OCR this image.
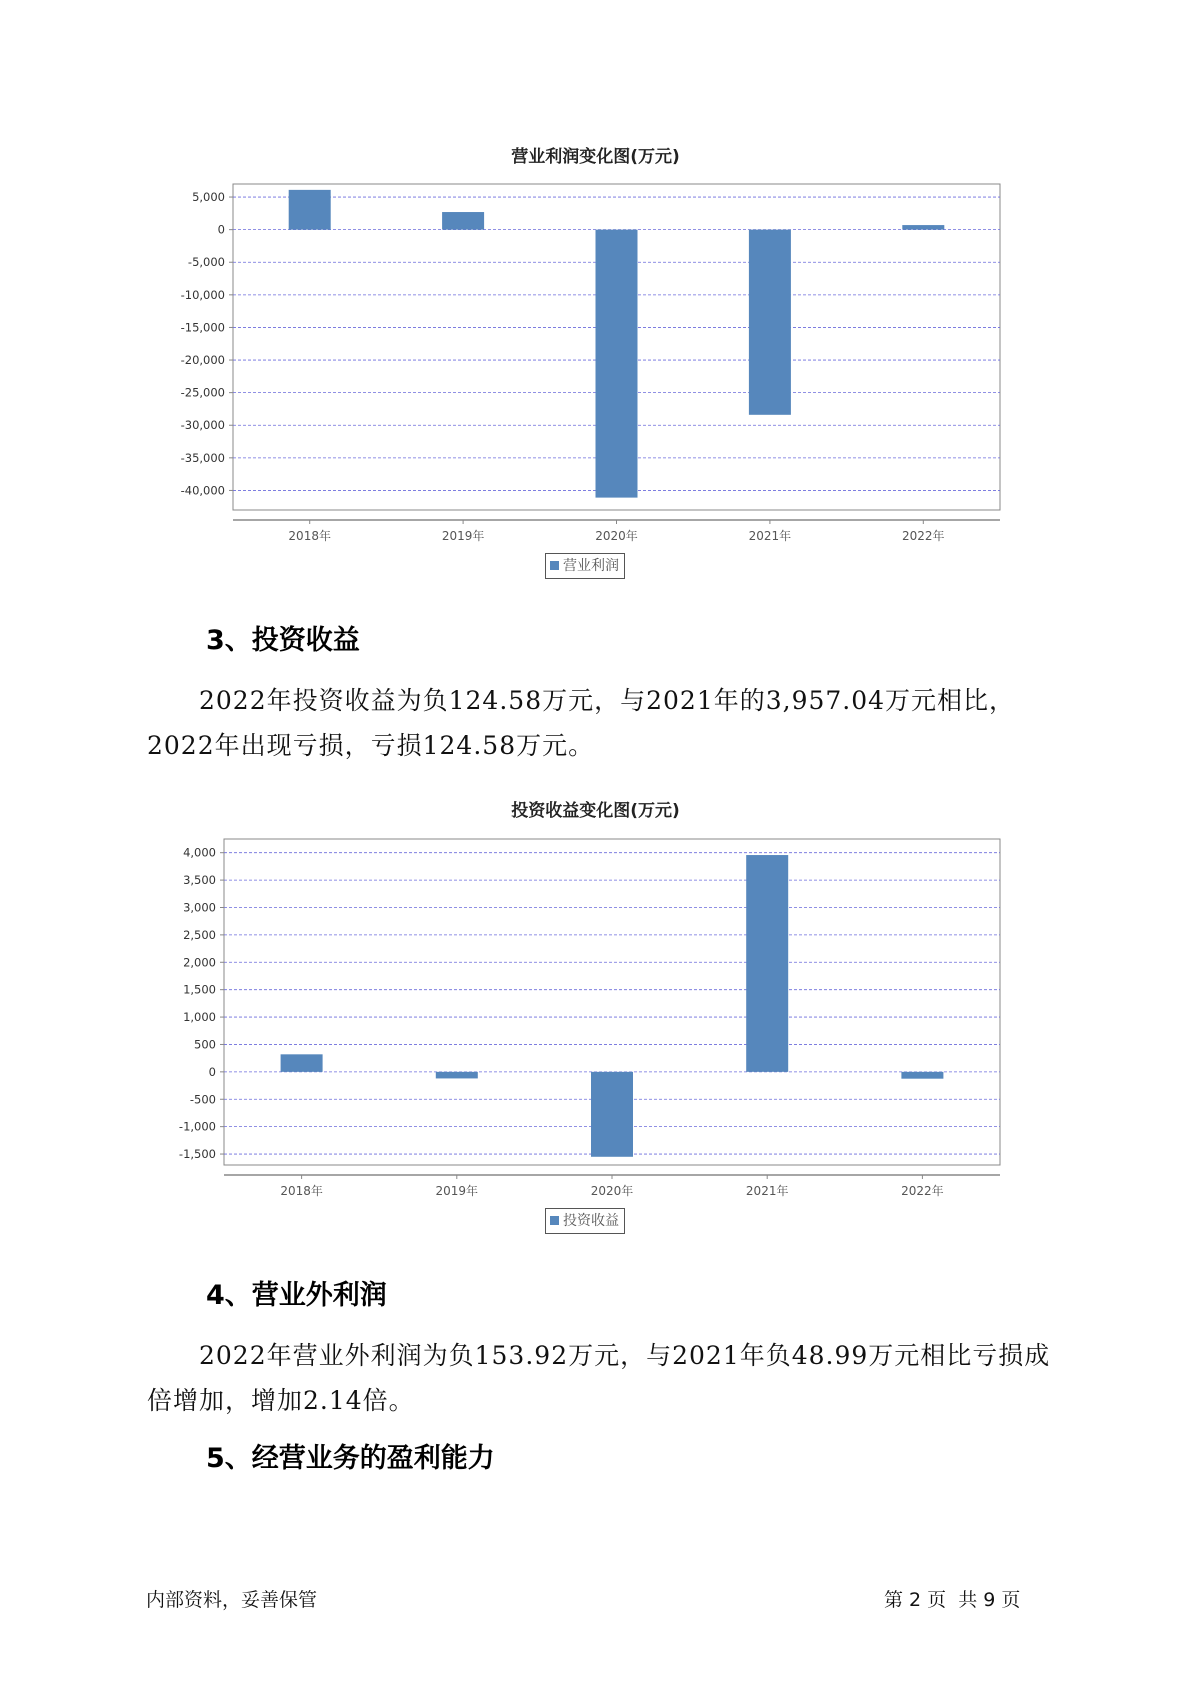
营业利润变化图(万元)
5,000
0
-5,000
-10,000
-15,000
-20,000
-25,000
-30,000
-35,000
-40,000
2018年	2019年	2020年	2021年	2022年
营业利润
3、投资收益
2022年投资收益为负124.58万元，与2021年的3,957.04万元相比，2022年出现亏损，亏损124.58万元。
投资收益变化图(万元)
4,000
3,500
3,000
2,500
2,000
1,500
1,000
500
0
-500
-1,000
-1,500
2018年	2019年	2020年	2021年	2022年
投资收益
4、营业外利润
2022年营业外利润为负153.92万元，与2021年负48.99万元相比亏损成倍增加，增加2.14倍。
5、经营业务的盈利能力
内部资料，妥善保管	第 2 页  共 9 页
